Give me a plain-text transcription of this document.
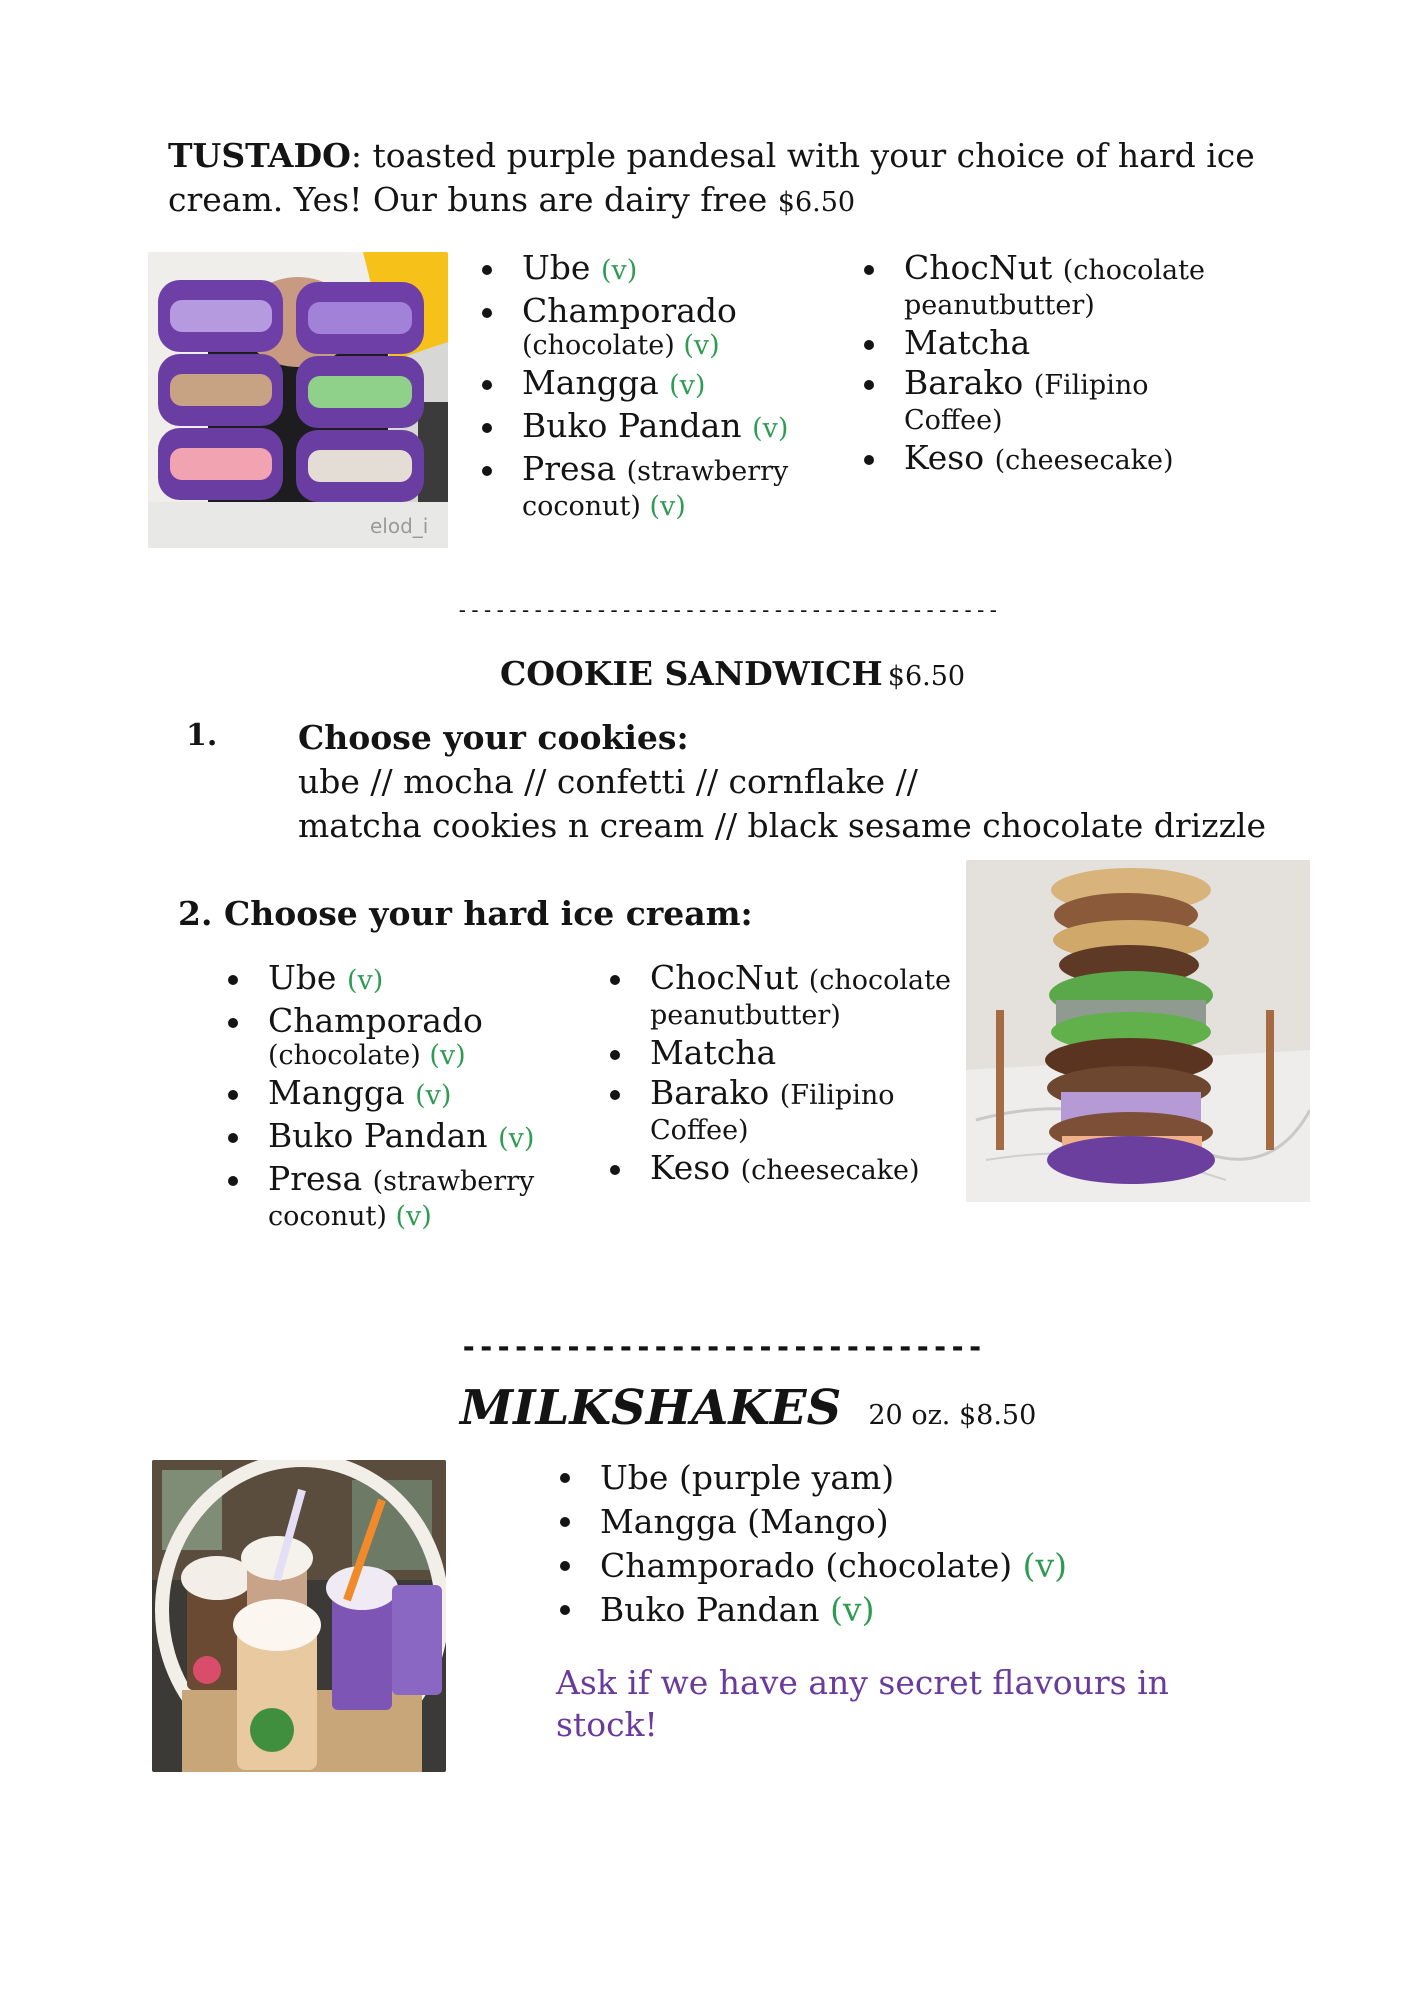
TUSTADO: toasted purple pandesal with your choice of hard ice
cream. Yes! Our buns are dairy free $6.50
elod_i
Ube (v)
Champorado
(chocolate) (v)
Mangga (v)
Buko Pandan (v)
Presa (strawberry
coconut) (v)
ChocNut (chocolate
peanutbutter)
Matcha
Barako (Filipino
Coffee)
Keso (cheesecake)
-------------------------------------------
COOKIE SANDWICH $6.50
1. Choose your cookies:
ube // mocha // confetti // cornflake //
matcha cookies n cream // black sesame chocolate drizzle
2. Choose your hard ice cream:
Ube (v)
Champorado
(chocolate) (v)
Mangga (v)
Buko Pandan (v)
Presa (strawberry
coconut) (v)
ChocNut (chocolate
peanutbutter)
Matcha
Barako (Filipino
Coffee)
Keso (cheesecake)
------------------------------
MILKSHAKES 20 oz. $8.50
Ube (purple yam)
Mangga (Mango)
Champorado (chocolate) (v)
Buko Pandan (v)
Ask if we have any secret flavours in
stock!
